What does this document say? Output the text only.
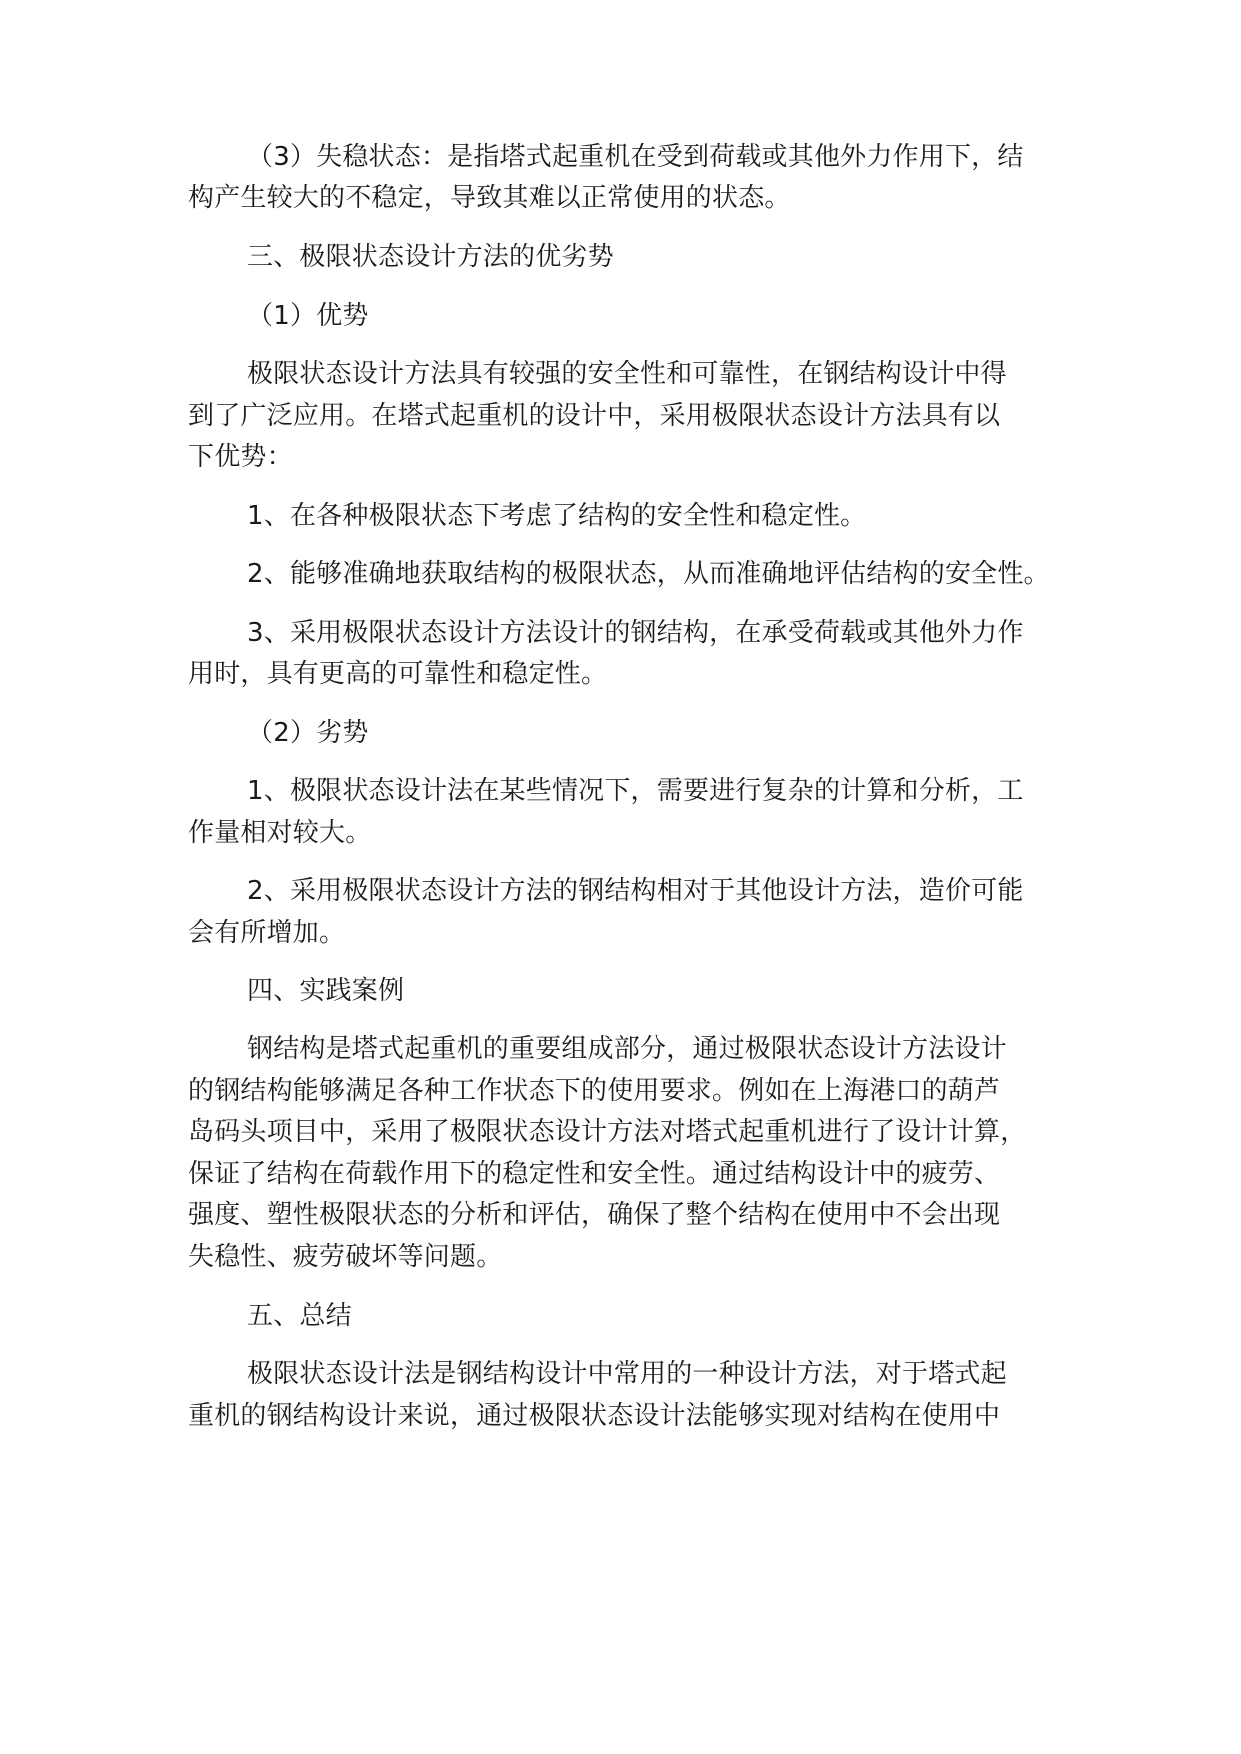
（3）失稳状态：是指塔式起重机在受到荷载或其他外力作用下，结
构产生较大的不稳定，导致其难以正常使用的状态。
三、极限状态设计方法的优劣势
（1）优势
极限状态设计方法具有较强的安全性和可靠性，在钢结构设计中得
到了广泛应用。在塔式起重机的设计中，采用极限状态设计方法具有以
下优势：
1、在各种极限状态下考虑了结构的安全性和稳定性。
2、能够准确地获取结构的极限状态，从而准确地评估结构的安全性。
3、采用极限状态设计方法设计的钢结构，在承受荷载或其他外力作
用时，具有更高的可靠性和稳定性。
（2）劣势
1、极限状态设计法在某些情况下，需要进行复杂的计算和分析，工
作量相对较大。
2、采用极限状态设计方法的钢结构相对于其他设计方法，造价可能
会有所增加。
四、实践案例
钢结构是塔式起重机的重要组成部分，通过极限状态设计方法设计
的钢结构能够满足各种工作状态下的使用要求。例如在上海港口的葫芦
岛码头项目中，采用了极限状态设计方法对塔式起重机进行了设计计算，
保证了结构在荷载作用下的稳定性和安全性。通过结构设计中的疲劳、
强度、塑性极限状态的分析和评估，确保了整个结构在使用中不会出现
失稳性、疲劳破坏等问题。
五、总结
极限状态设计法是钢结构设计中常用的一种设计方法，对于塔式起
重机的钢结构设计来说，通过极限状态设计法能够实现对结构在使用中
